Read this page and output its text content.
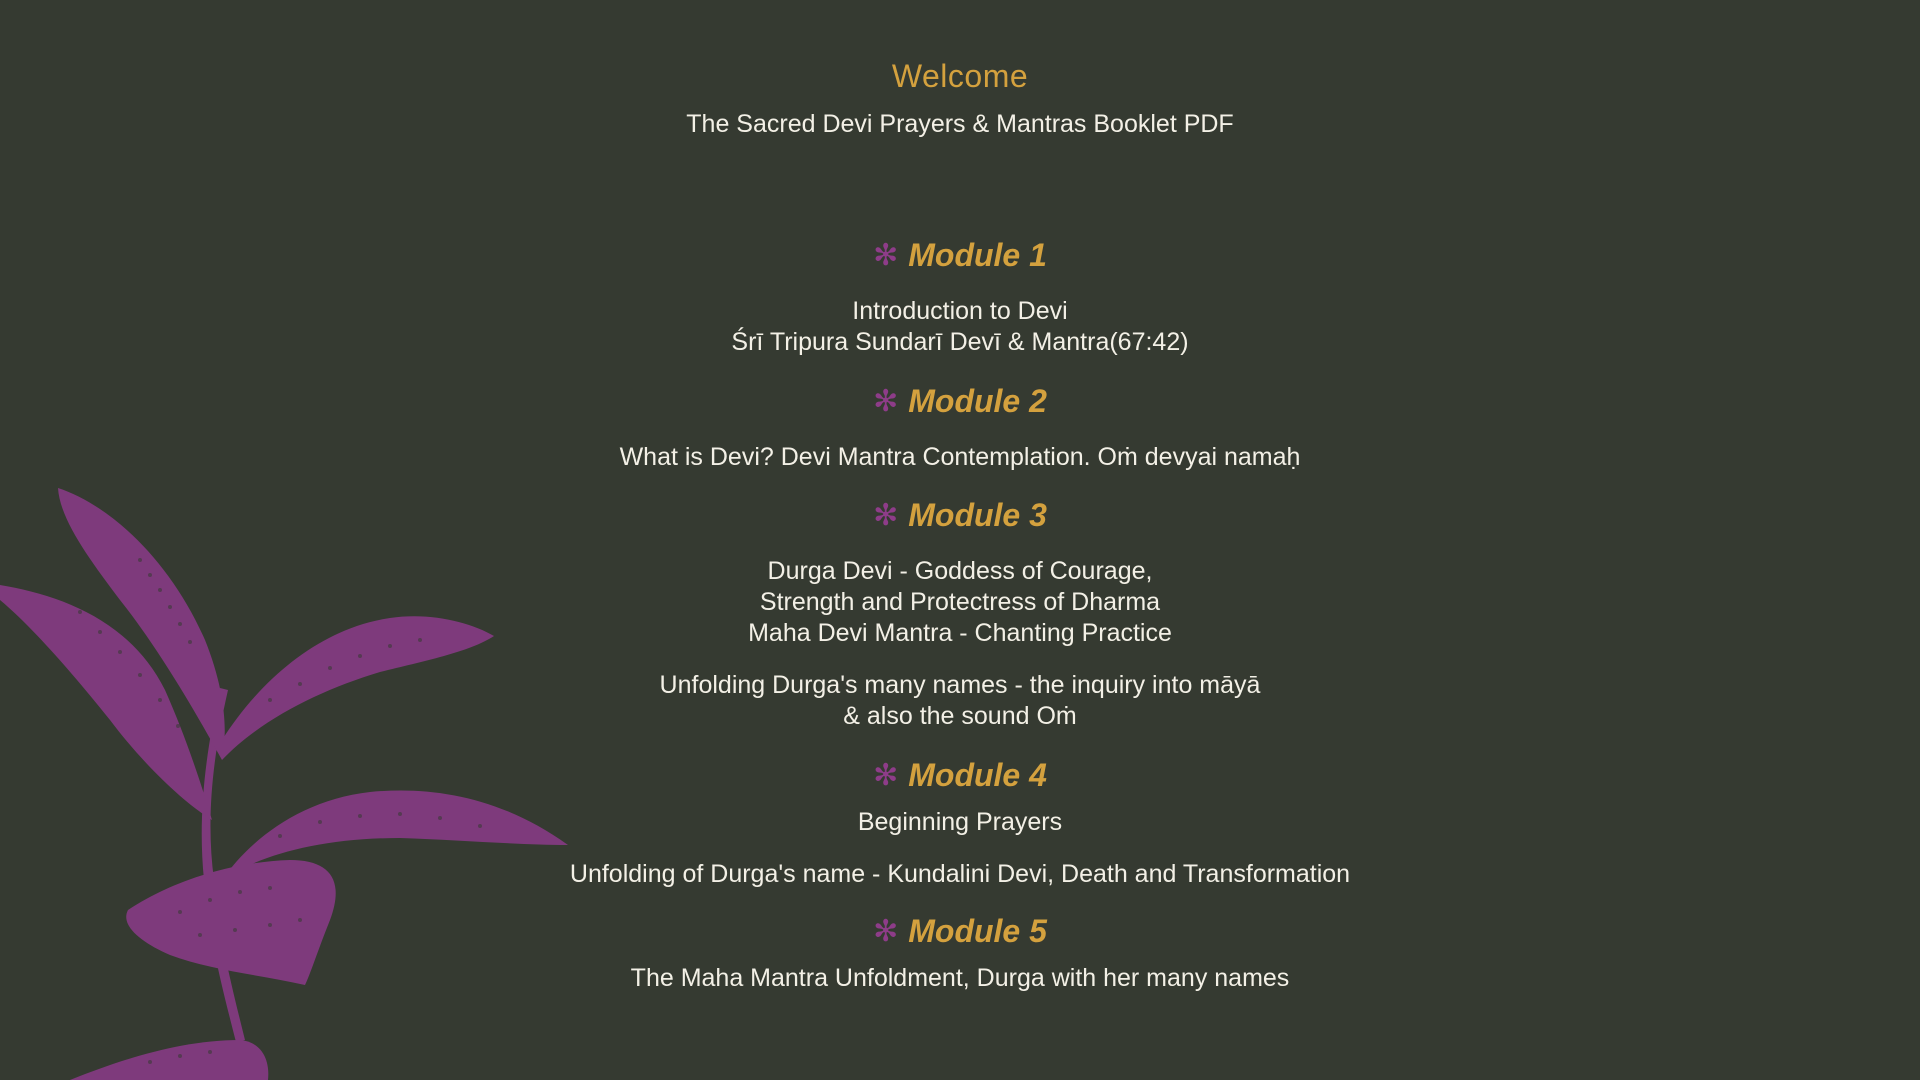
Welcome
The Sacred Devi Prayers & Mantras Booklet PDF
✻ Module 1
Introduction to Devi
Śrī Tripura Sundarī Devī & Mantra(67:42)
✻ Module 2
What is Devi? Devi Mantra Contemplation. Oṁ devyai namaḥ
✻ Module 3
Durga Devi - Goddess of Courage,
Strength and Protectress of Dharma
Maha Devi Mantra - Chanting Practice
Unfolding Durga's many names - the inquiry into māyā
& also the sound Oṁ
✻ Module 4
Beginning Prayers
Unfolding of Durga's name - Kundalini Devi, Death and Transformation
✻ Module 5
The Maha Mantra Unfoldment, Durga with her many names
